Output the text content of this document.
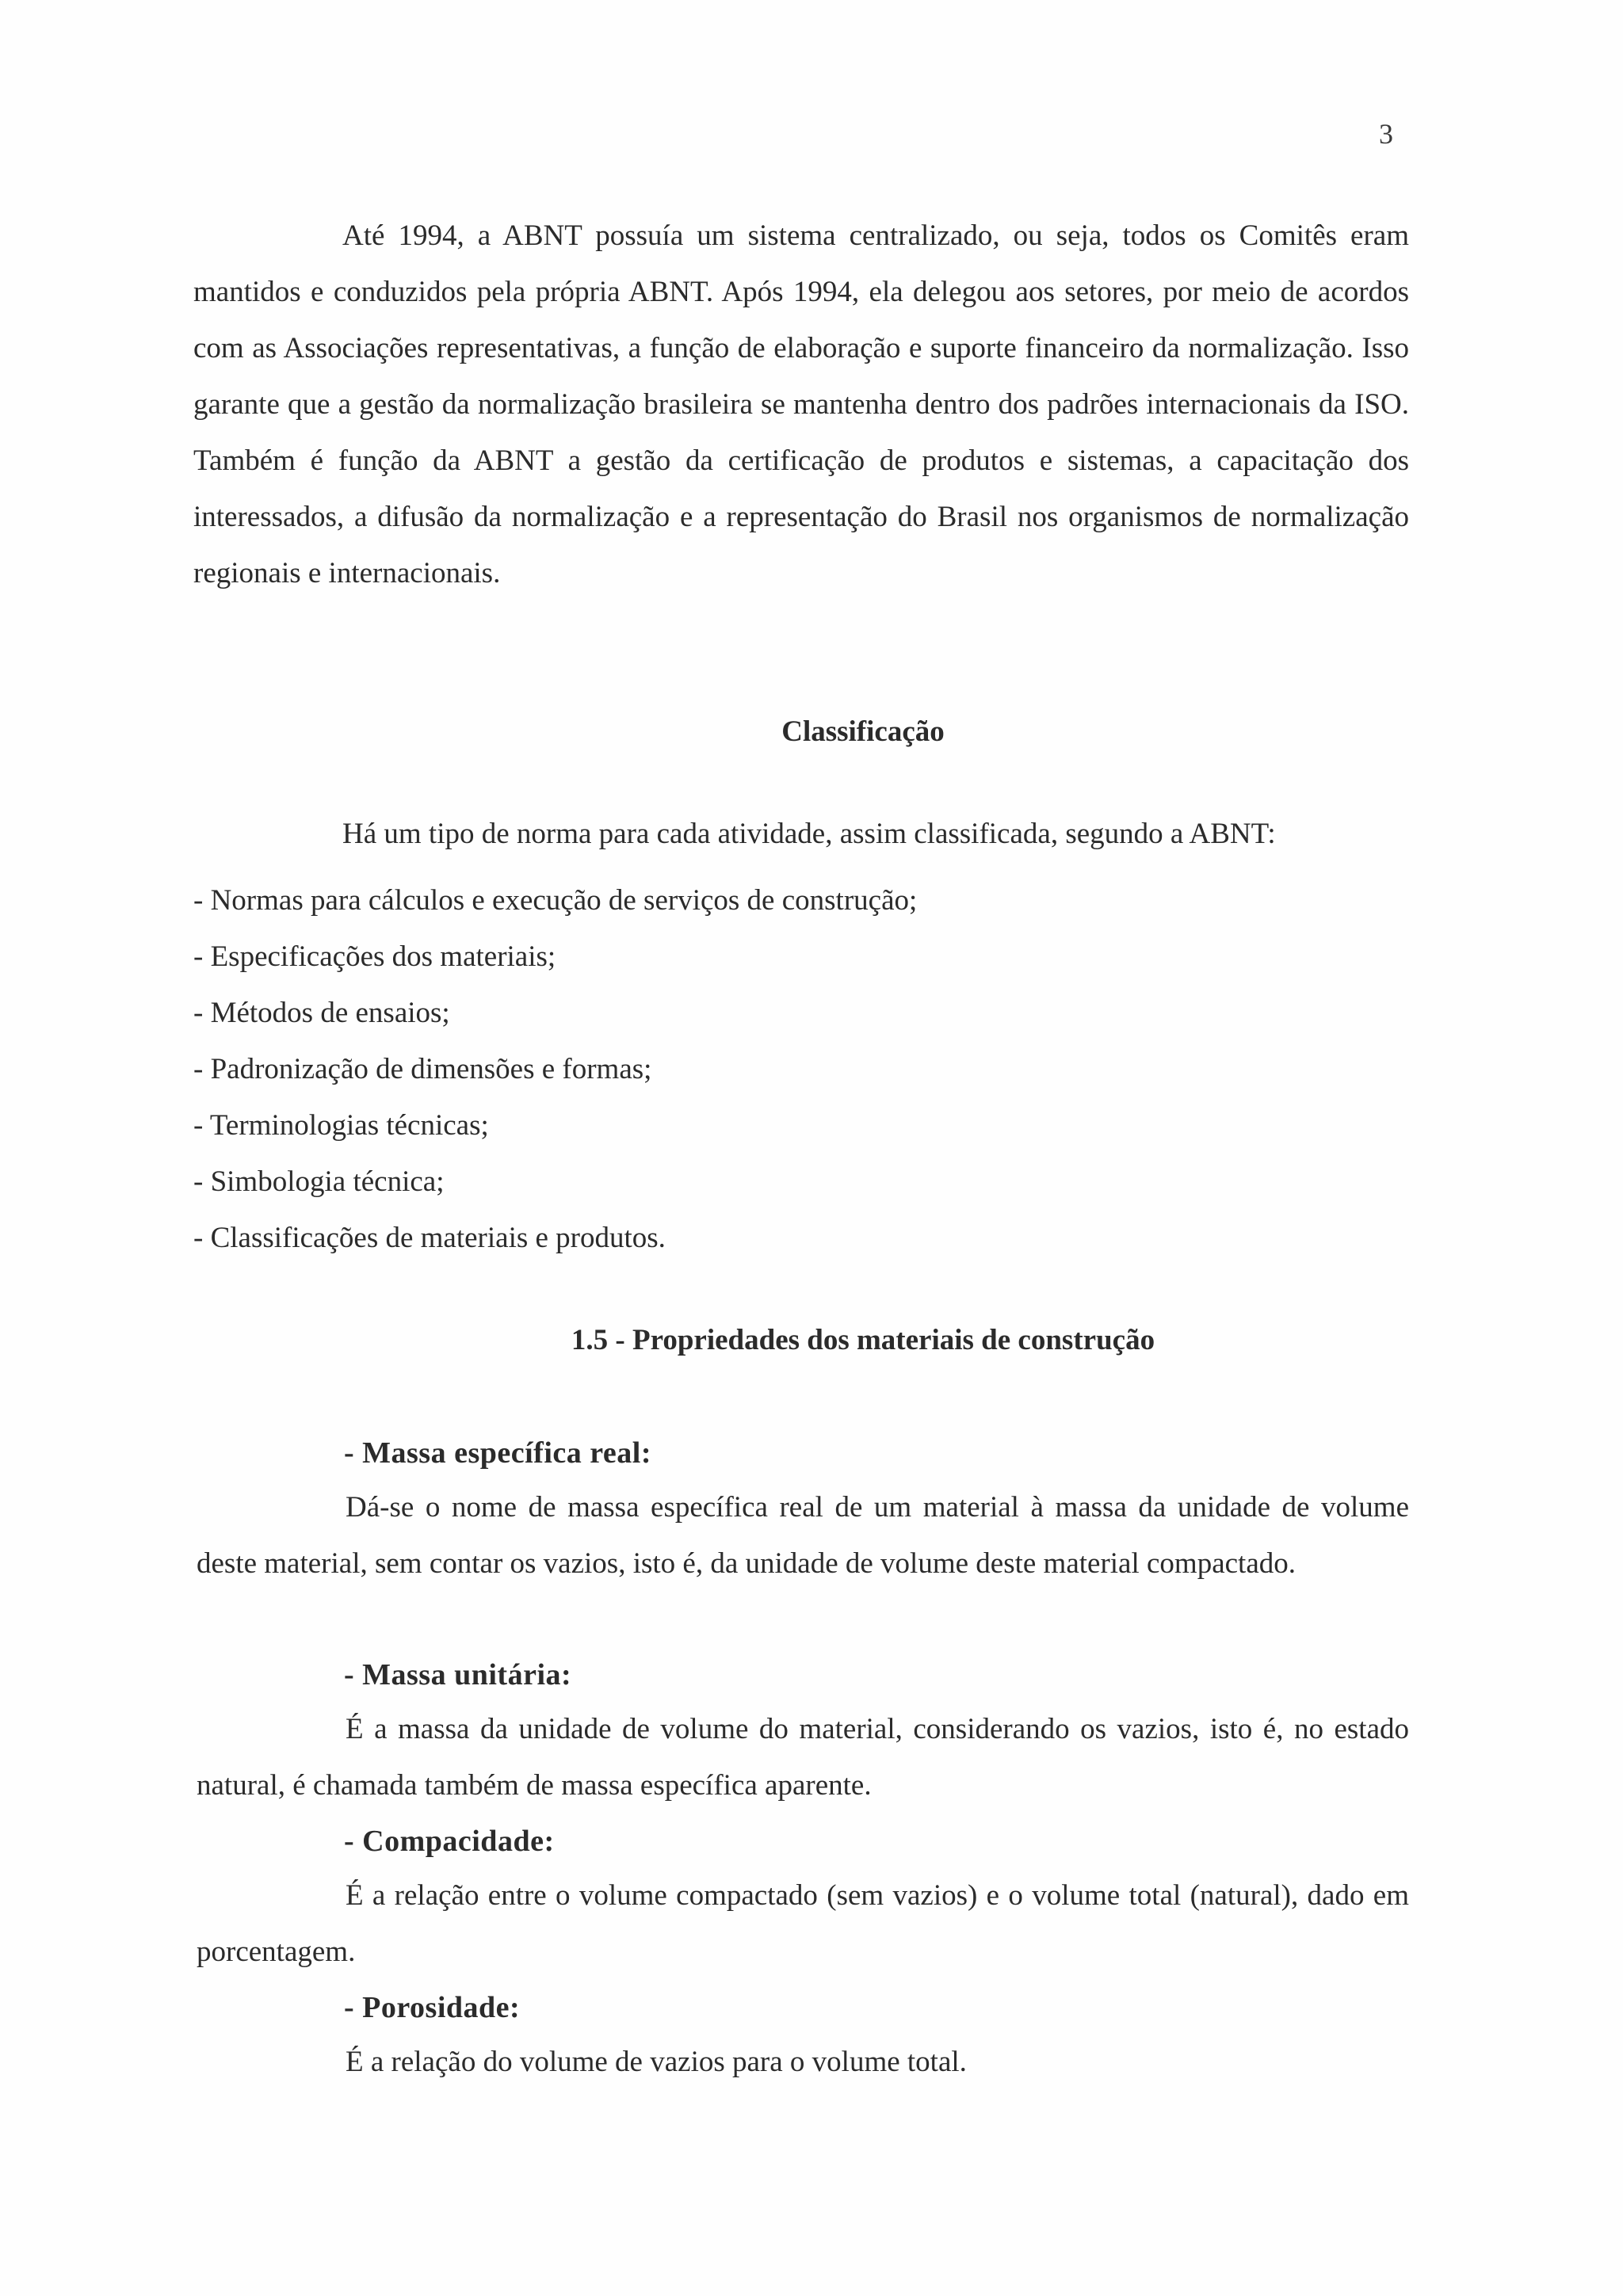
3

Até 1994, a ABNT possuía um sistema centralizado, ou seja, todos os Comitês eram mantidos e conduzidos pela própria ABNT. Após 1994, ela delegou aos setores, por meio de acordos com as Associações representativas, a função de elaboração e suporte financeiro da normalização. Isso garante que a gestão da normalização brasileira se mantenha dentro dos padrões internacionais da ISO. Também é função da ABNT a gestão da certificação de produtos e sistemas, a capacitação dos interessados, a difusão da normalização e a representação do Brasil nos organismos de normalização regionais e internacionais.

Classificação

Há um tipo de norma para cada atividade, assim classificada, segundo a ABNT:

- Normas para cálculos e execução de serviços de construção;
- Especificações dos materiais;
- Métodos de ensaios;
- Padronização de dimensões e formas;
- Terminologias técnicas;
- Simbologia técnica;
- Classificações de materiais e produtos.
1.5 - Propriedades dos materiais de construção
- Massa específica real:

Dá-se o nome de massa específica real de um material à massa da unidade de volume deste material, sem contar os vazios, isto é, da unidade de volume deste material compactado.

- Massa unitária:

É a massa da unidade de volume do material, considerando os vazios, isto é, no estado natural, é chamada também de massa específica aparente.

- Compacidade:

É a relação entre o volume compactado (sem vazios) e o volume total (natural), dado em porcentagem.

- Porosidade:

É a relação do volume de vazios para o volume total.
